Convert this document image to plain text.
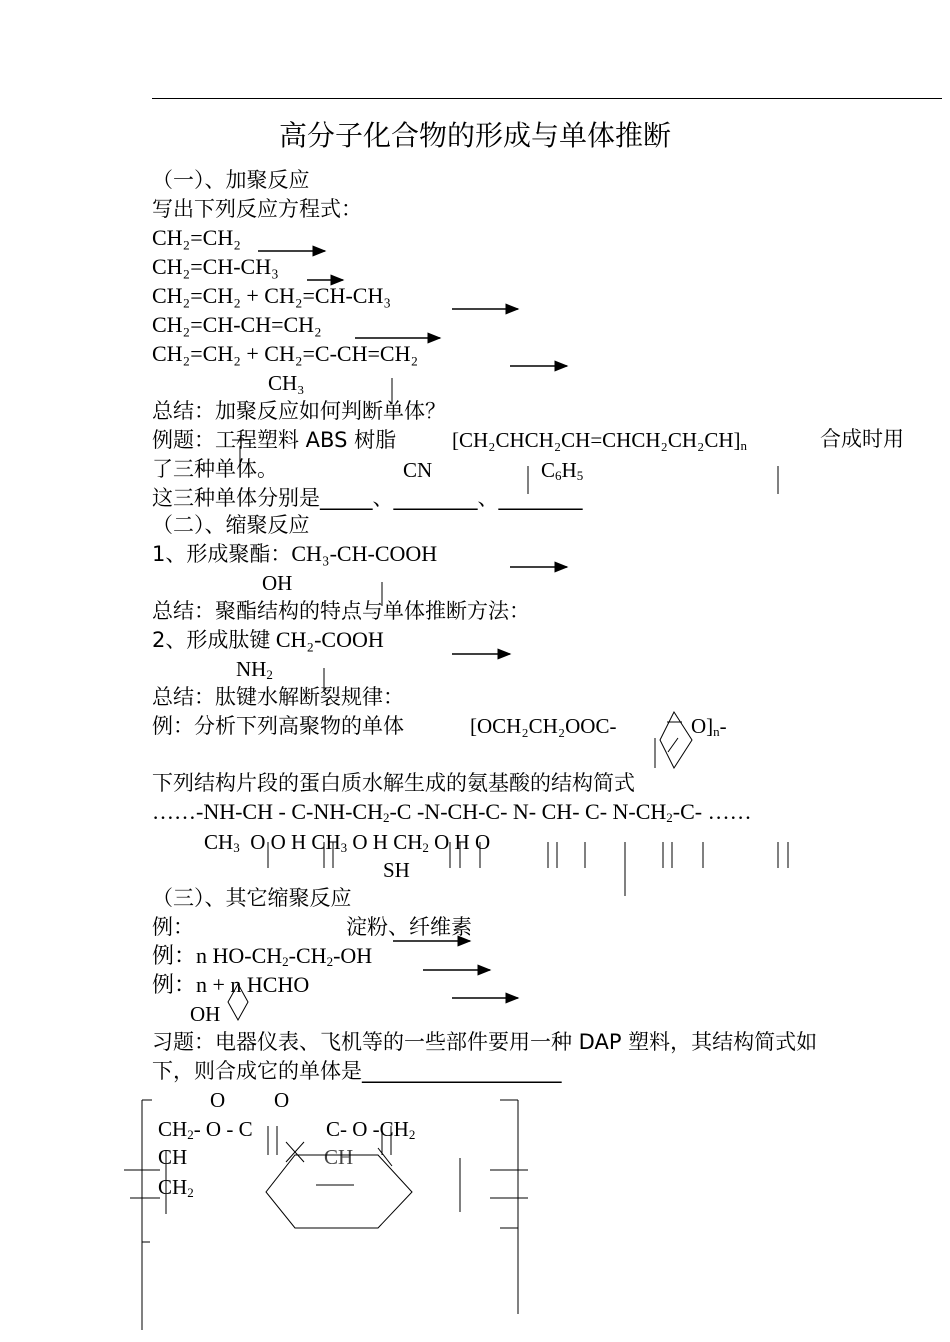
高分子化合物的形成与单体推断
（一）、加聚反应
写出下列反应方程式：
CH₂=CH₂
CH₂=CH-CH₃
CH₂=CH₂ + CH₂=CH-CH₃
CH₂=CH-CH=CH₂
CH₂=CH₂ + CH₂=C-CH=CH₂
CH₃
总结：加聚反应如何判断单体？
例题：工程塑料 ABS 树脂	$[CH_2CHCH_2CH=CHCH_2CH_2CH]_n$	合成时用
了三种单体。	CN	$C_6H_5$
这三种单体分别是_____、________、________
（二）、缩聚反应
1、形成聚酯：CH₃-CH-COOH
OH
总结：聚酯结构的特点与单体推断方法：
2、形成肽键 CH₂-COOH
$NH_2$
总结：肽键水解断裂规律：
例：分析下列高聚物的单体	[OCH₂CH₂OOC-	$O]_n-$
下列结构片段的蛋白质水解生成的氨基酸的结构简式
……-NH-CH - $C-NH-CH_2-C$ -N-CH-C- N- CH- C- $N-CH_2-C-$ ……
$CH_3$ O O H $CH_3$ O H $CH_2$ O H O
SH
（三）、其它缩聚反应
例：	淀粉、纤维素
例：n $HO-CH_2-CH_2-OH$
例：n + n HCHO
OH
习题：电器仪表、飞机等的一些部件要用一种 DAP 塑料，其结构简式如
下，则合成它的单体是___________________
O O
$CH_2-$ O - C	C- O $-CH_2$
CH	CH
$CH_2$
